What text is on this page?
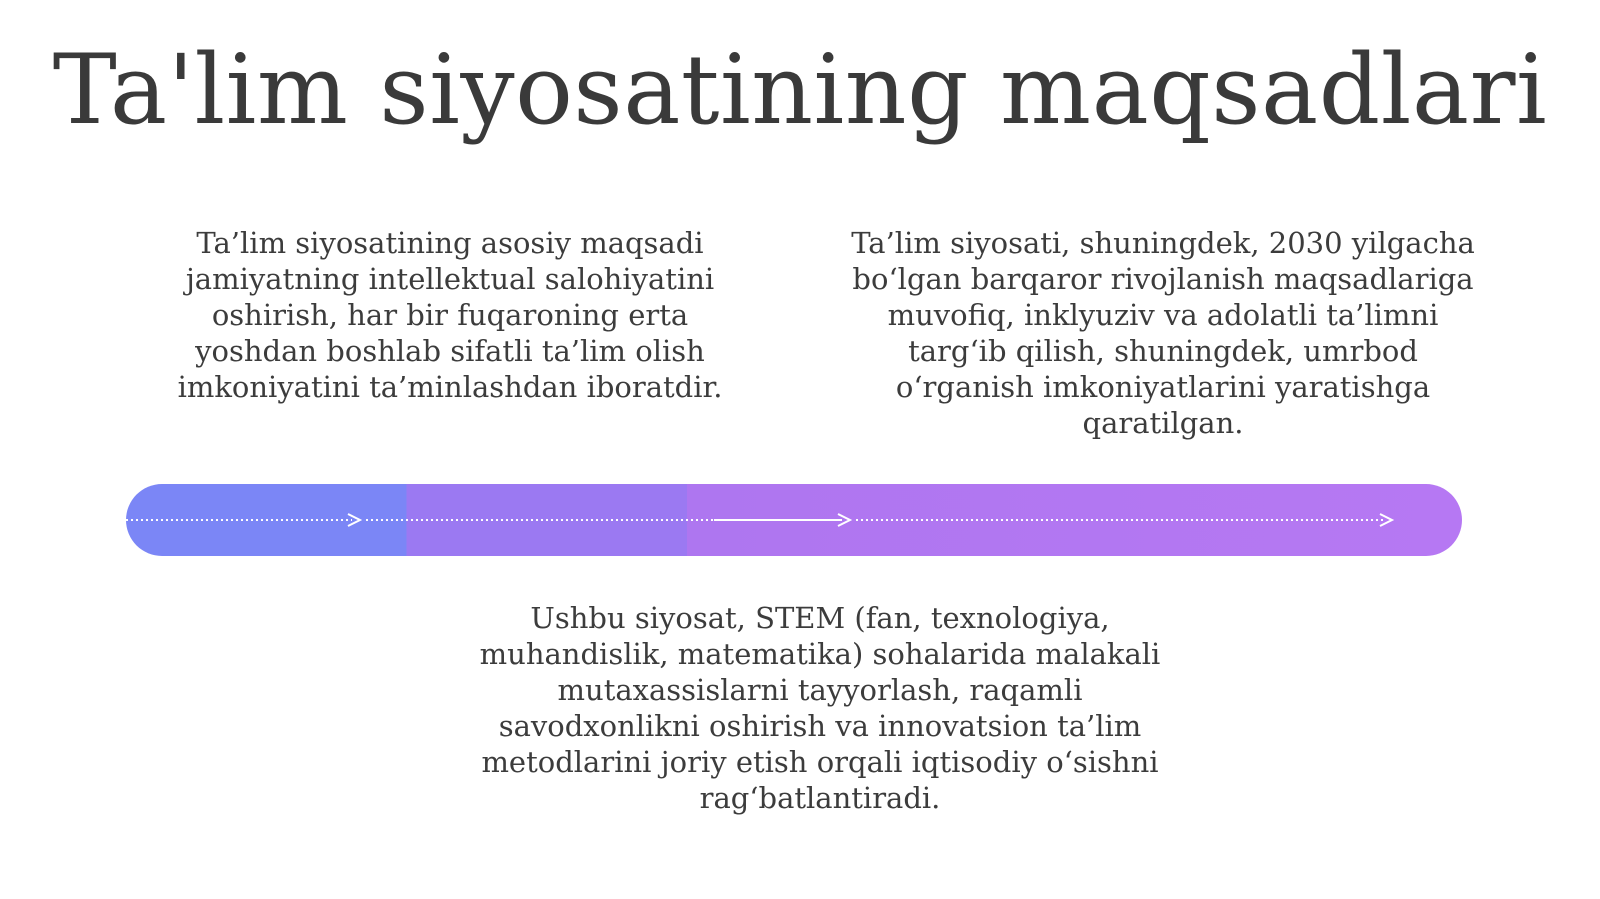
Ta'lim siyosatining maqsadlari
Ta’lim siyosatining asosiy maqsadi jamiyatning intellektual salohiyatini oshirish, har bir fuqaroning erta yoshdan boshlab sifatli ta’lim olish imkoniyatini ta’minlashdan iboratdir.
Ta’lim siyosati, shuningdek, 2030 yilgacha bo‘lgan barqaror rivojlanish maqsadlariga muvofiq, inklyuziv va adolatli ta’limni targ‘ib qilish, shuningdek, umrbod o‘rganish imkoniyatlarini yaratishga qaratilgan.
Ushbu siyosat, STEM (fan, texnologiya, muhandislik, matematika) sohalarida malakali mutaxassislarni tayyorlash, raqamli savodxonlikni oshirish va innovatsion ta’lim metodlarini joriy etish orqali iqtisodiy o‘sishni rag‘batlantiradi.
